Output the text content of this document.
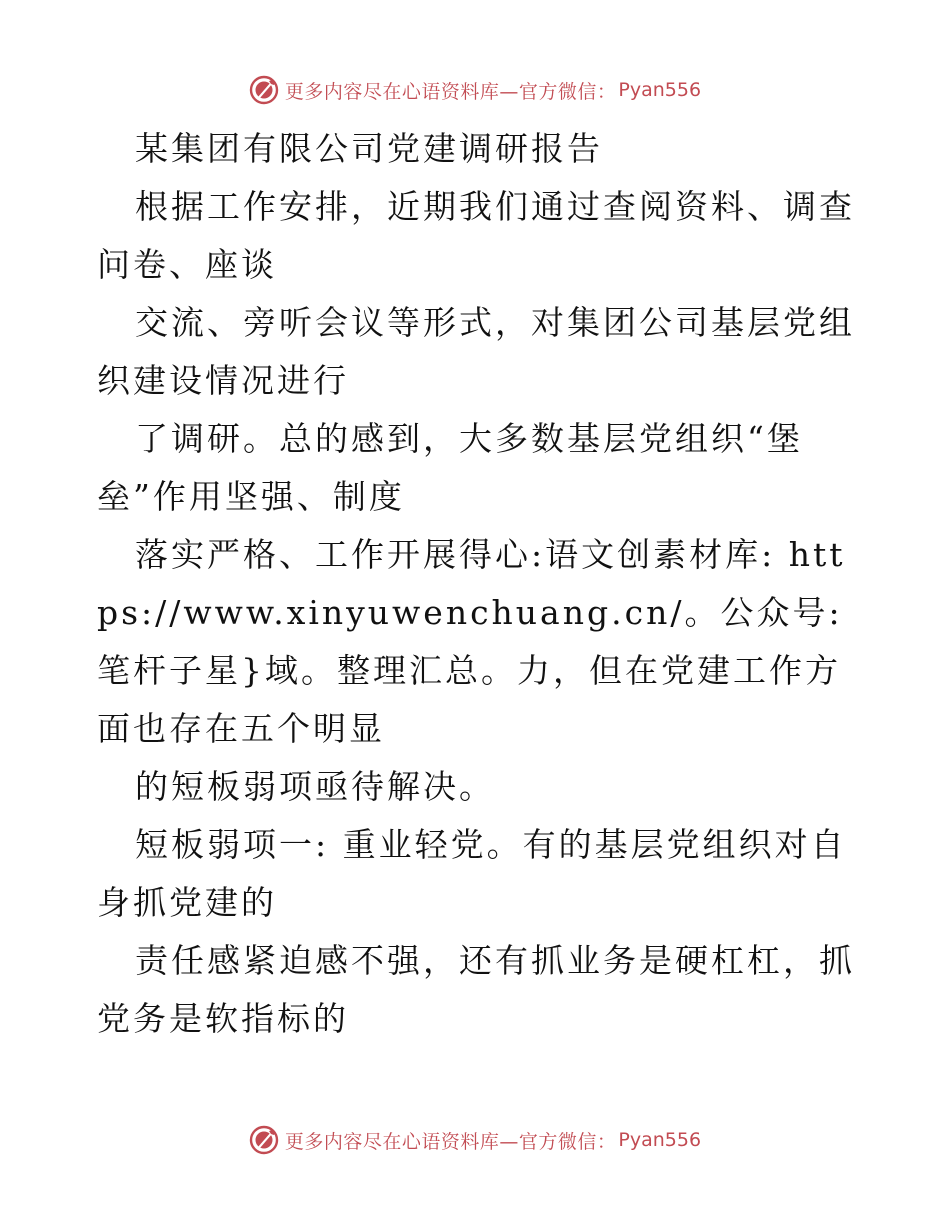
更多内容尽在心语资料库—官方微信： Pyan556

某集团有限公司党建调研报告

根据工作安排，近期我们通过查阅资料、调查问卷、座谈

交流、旁听会议等形式，对集团公司基层党组织建设情况进行

了调研。总的感到，大多数基层党组织“堡垒”作用坚强、制度

落实严格、工作开展得心:语文创素材库: https://www.xinyuwenchuang.cn/。公众号: 笔杆子星}域。整理汇总。力，但在党建工作方面也存在五个明显

的短板弱项亟待解决。

短板弱项一: 重业轻党。有的基层党组织对自身抓党建的

责任感紧迫感不强，还有抓业务是硬杠杠，抓党务是软指标的

更多内容尽在心语资料库—官方微信： Pyan556
